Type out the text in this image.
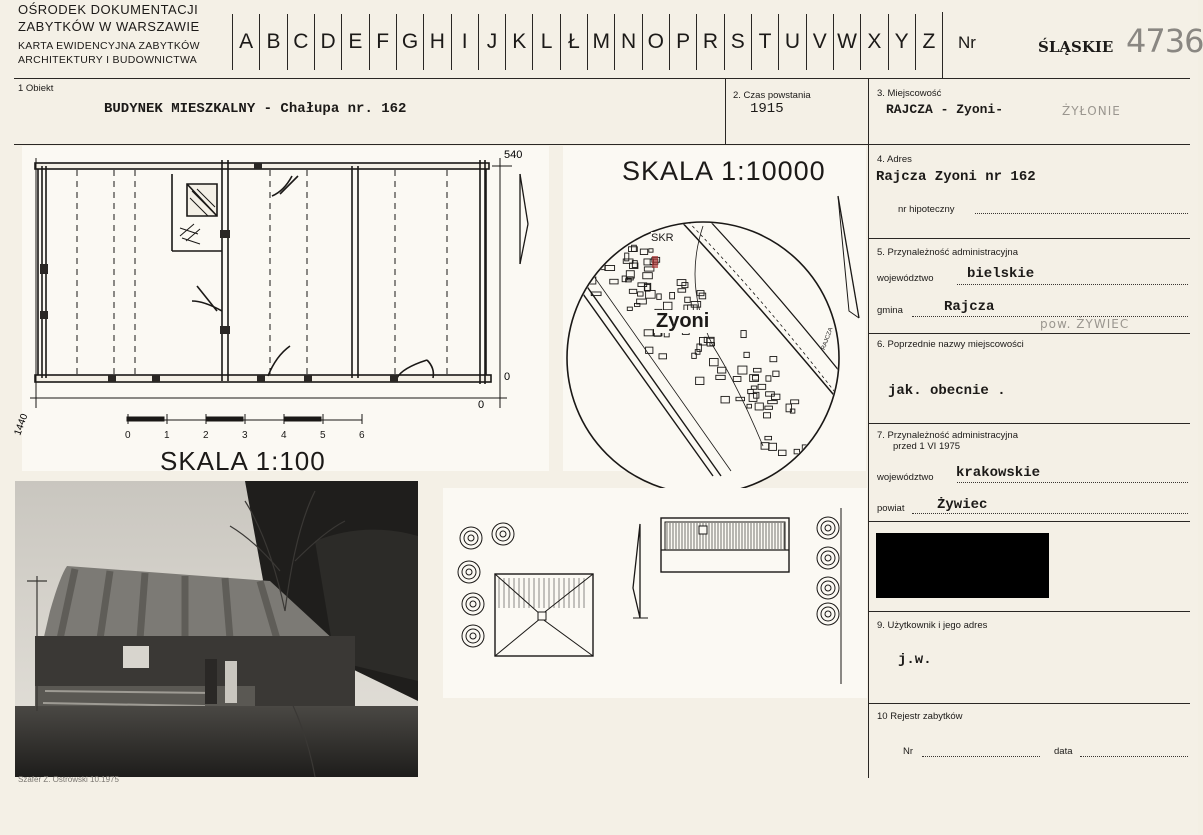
OŚRODEK DOKUMENTACJI
ZABYTKÓW W WARSZAWIE
KARTA EWIDENCYJNA ZABYTKÓW
ARCHITEKTURY I BUDOWNICTWA
A B C D E F G H I J K L Ł M N O P R S T U V W X Y Z	Nr	ŚLĄSKIE 4736
1 Obiekt
BUDYNEK MIESZKALNY - Chałupa nr. 162
2. Czas powstania
1915
3. Miejscowość
RAJCZA - Zyoni-	ŻYŁONIE
4. Adres
Rajcza Zyoni nr 162
nr hipoteczny
5. Przynależność administracyjna
województwo bielskie
gmina	Rajcza
pow. ŻYWIEC
6. Poprzednie nazwy miejscowości
jak. obecnie .
7. Przynależność administracyjna
przed 1 VI 1975
województwo krakowskie
powiat Żywiec
9. Użytkownik i jego adres
j.w.
10 Rejestr zabytków
Nr	data
540
1440
0
0
0	1	2	3	4	5	6
SKALA 1:100
SKALA 1:10000
Zyoni
SKR
RAJCZA
Szafer Z. Ostrowski 10.1975
